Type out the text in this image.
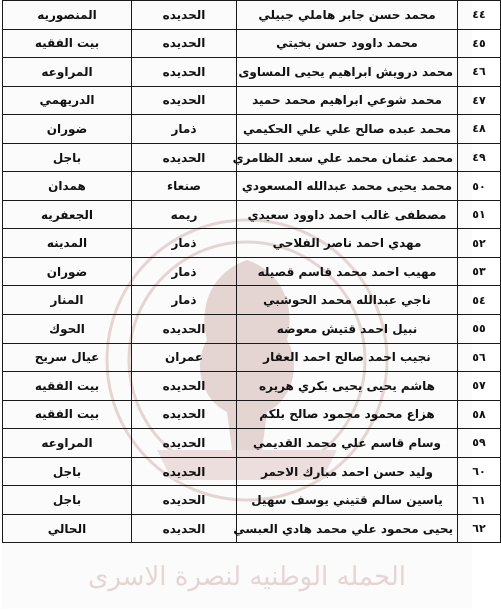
الحمله الوطنيه لنصرة الاسرى
٤٤	محمد حسن جابر هاملي جبيلي	الحديده	المنصوريه
٤٥	محمد داوود حسن بخيتي	الحديده	بيت الفقيه
٤٦	محمد درويش ابراهيم يحيى المساوى	الحديده	المراوعه
٤٧	محمد شوعي ابراهيم محمد حميد	الحديده	الدريهمي
٤٨	محمد عبده صالح علي علي الحكيمي	ذمار	ضوران
٤٩	محمد عثمان محمد علي سعد الظامري	الحديده	باجل
٥٠	محمد يحيى محمد عبدالله المسعودي	صنعاء	همدان
٥١	مصطفى غالب احمد داوود سعيدي	ريمه	الجعفريه
٥٢	مهدي احمد ناصر الفلاحي	ذمار	المدينه
٥٣	مهيب احمد محمد قاسم قصيله	ذمار	ضوران
٥٤	ناجي عبدالله محمد الحوشبي	ذمار	المنار
٥٥	نبيل احمد قتيش معوضه	الحديده	الحوك
٥٦	نجيب احمد صالح احمد العقار	عمران	عيال سريح
٥٧	هاشم يحيى يحيى بكري هريره	الحديده	بيت الفقيه
٥٨	هزاع محمود محمود صالح بلكم	الحديده	بيت الفقيه
٥٩	وسام قاسم علي محمد القديمي	الحديده	المراوعه
٦٠	وليد حسن احمد مبارك الاحمر	الحديده	باجل
٦١	ياسين سالم قتيني يوسف سهيل	الحديده	باجل
٦٢	يحيى محمود علي محمد هادي العبسي	الحديده	الحالي
